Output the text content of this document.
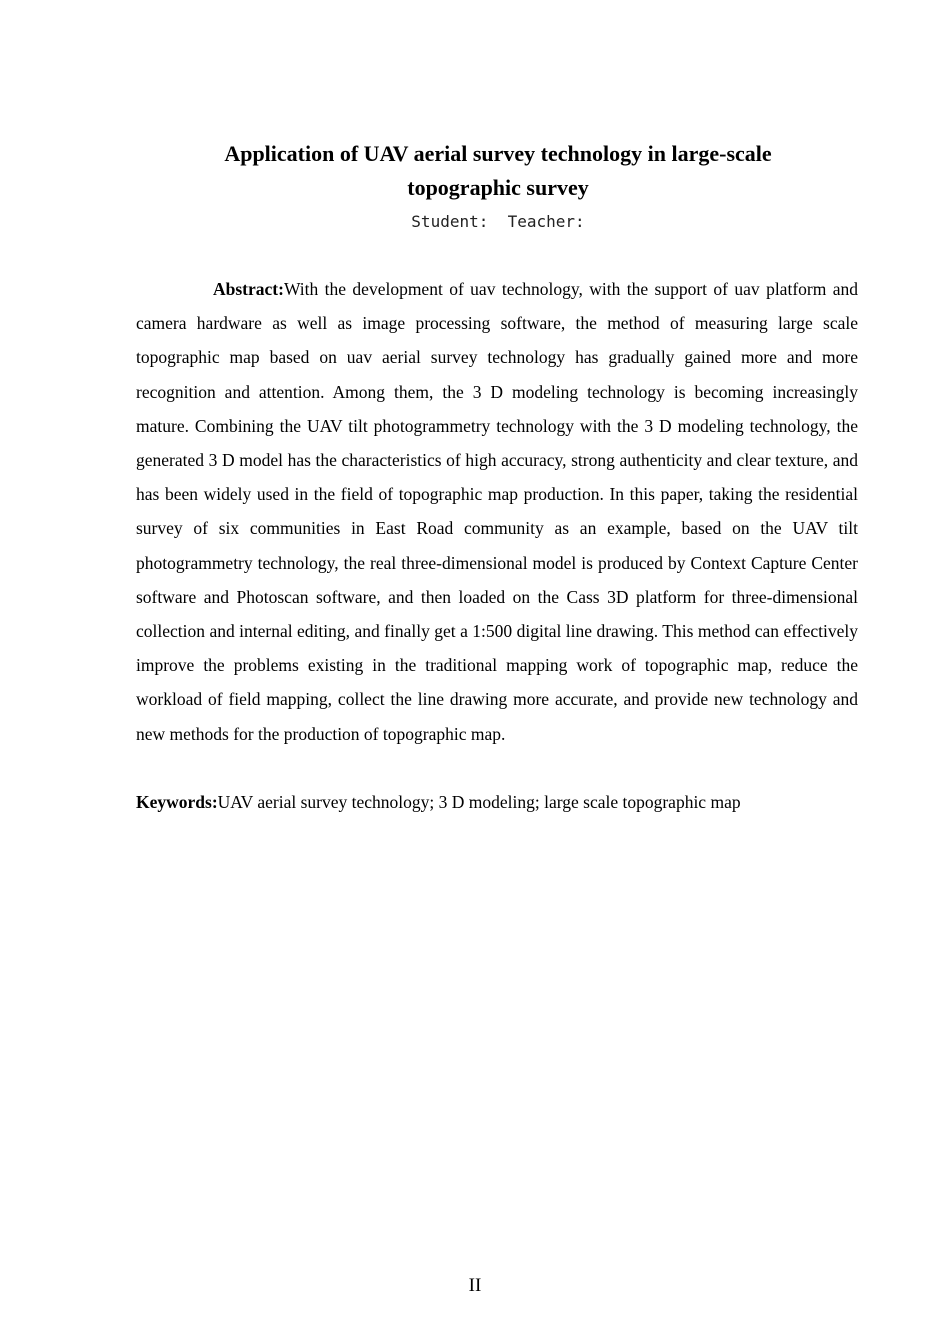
Application of UAV aerial survey technology in large-scale
topographic survey
Student:  Teacher:

Abstract:With the development of uav technology, with the support of uav platform and camera hardware as well as image processing software, the method of measuring large scale topographic map based on uav aerial survey technology has gradually gained more and more recognition and attention. Among them, the 3 D modeling technology is becoming increasingly mature. Combining the UAV tilt photogrammetry technology with the 3 D modeling technology, the generated 3 D model has the characteristics of high accuracy, strong authenticity and clear texture, and has been widely used in the field of topographic map production. In this paper, taking the residential survey of six communities in East Road community as an example, based on the UAV tilt photogrammetry technology, the real three-dimensional model is produced by Context Capture Center software and Photoscan software, and then loaded on the Cass 3D platform for three-dimensional collection and internal editing, and finally get a 1:500 digital line drawing. This method can effectively improve the problems existing in the traditional mapping work of topographic map, reduce the workload of field mapping, collect the line drawing more accurate, and provide new technology and new methods for the production of topographic map.

Keywords:UAV aerial survey technology; 3 D modeling; large scale topographic map

II
